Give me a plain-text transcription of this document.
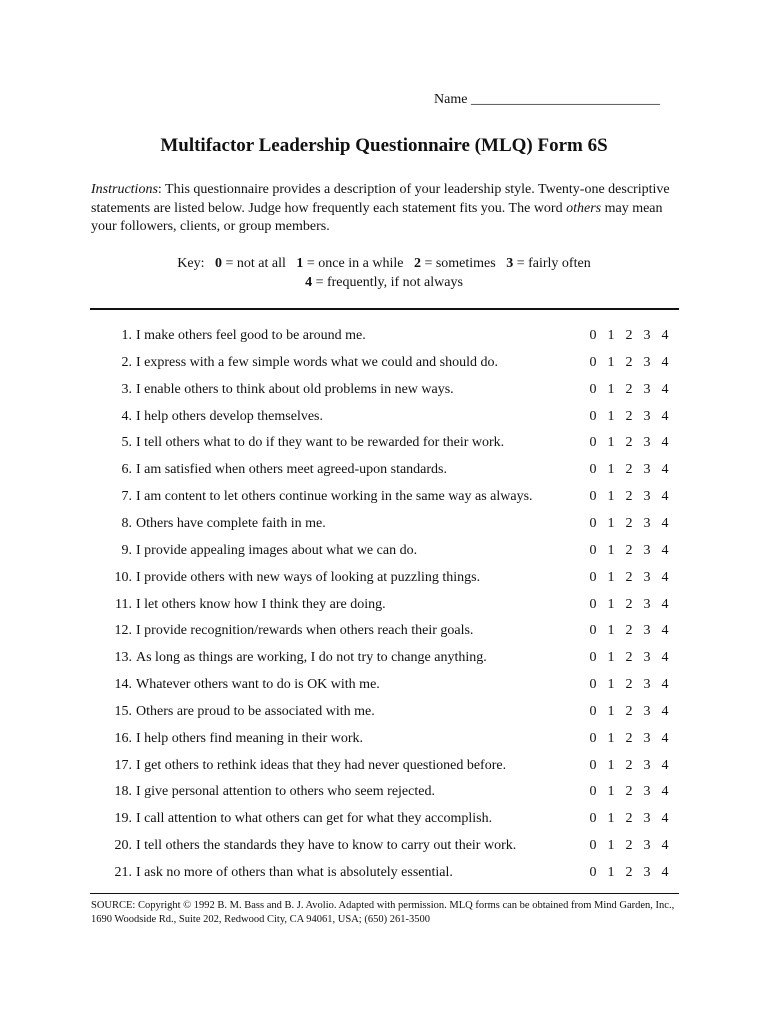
Name ___________________________
Multifactor Leadership Questionnaire (MLQ) Form 6S
Instructions: This questionnaire provides a description of your leadership style. Twenty-one descriptive statements are listed below. Judge how frequently each statement fits you. The word others may mean your followers, clients, or group members.
Key: 0 = not at all 1 = once in a while 2 = sometimes 3 = fairly often
4 = frequently, if not always
1. I make others feel good to be around me.	0 1 2 3 4
2. I express with a few simple words what we could and should do.	0 1 2 3 4
3. I enable others to think about old problems in new ways.	0 1 2 3 4
4. I help others develop themselves.	0 1 2 3 4
5. I tell others what to do if they want to be rewarded for their work.	0 1 2 3 4
6. I am satisfied when others meet agreed-upon standards.	0 1 2 3 4
7. I am content to let others continue working in the same way as always.	0 1 2 3 4
8. Others have complete faith in me.	0 1 2 3 4
9. I provide appealing images about what we can do.	0 1 2 3 4
10. I provide others with new ways of looking at puzzling things.	0 1 2 3 4
11. I let others know how I think they are doing.	0 1 2 3 4
12. I provide recognition/rewards when others reach their goals.	0 1 2 3 4
13. As long as things are working, I do not try to change anything.	0 1 2 3 4
14. Whatever others want to do is OK with me.	0 1 2 3 4
15. Others are proud to be associated with me.	0 1 2 3 4
16. I help others find meaning in their work.	0 1 2 3 4
17. I get others to rethink ideas that they had never questioned before.	0 1 2 3 4
18. I give personal attention to others who seem rejected.	0 1 2 3 4
19. I call attention to what others can get for what they accomplish.	0 1 2 3 4
20. I tell others the standards they have to know to carry out their work.	0 1 2 3 4
21. I ask no more of others than what is absolutely essential.	0 1 2 3 4
SOURCE: Copyright © 1992 B. M. Bass and B. J. Avolio. Adapted with permission. MLQ forms can be obtained from Mind Garden, Inc., 1690 Woodside Rd., Suite 202, Redwood City, CA 94061, USA; (650) 261-3500
